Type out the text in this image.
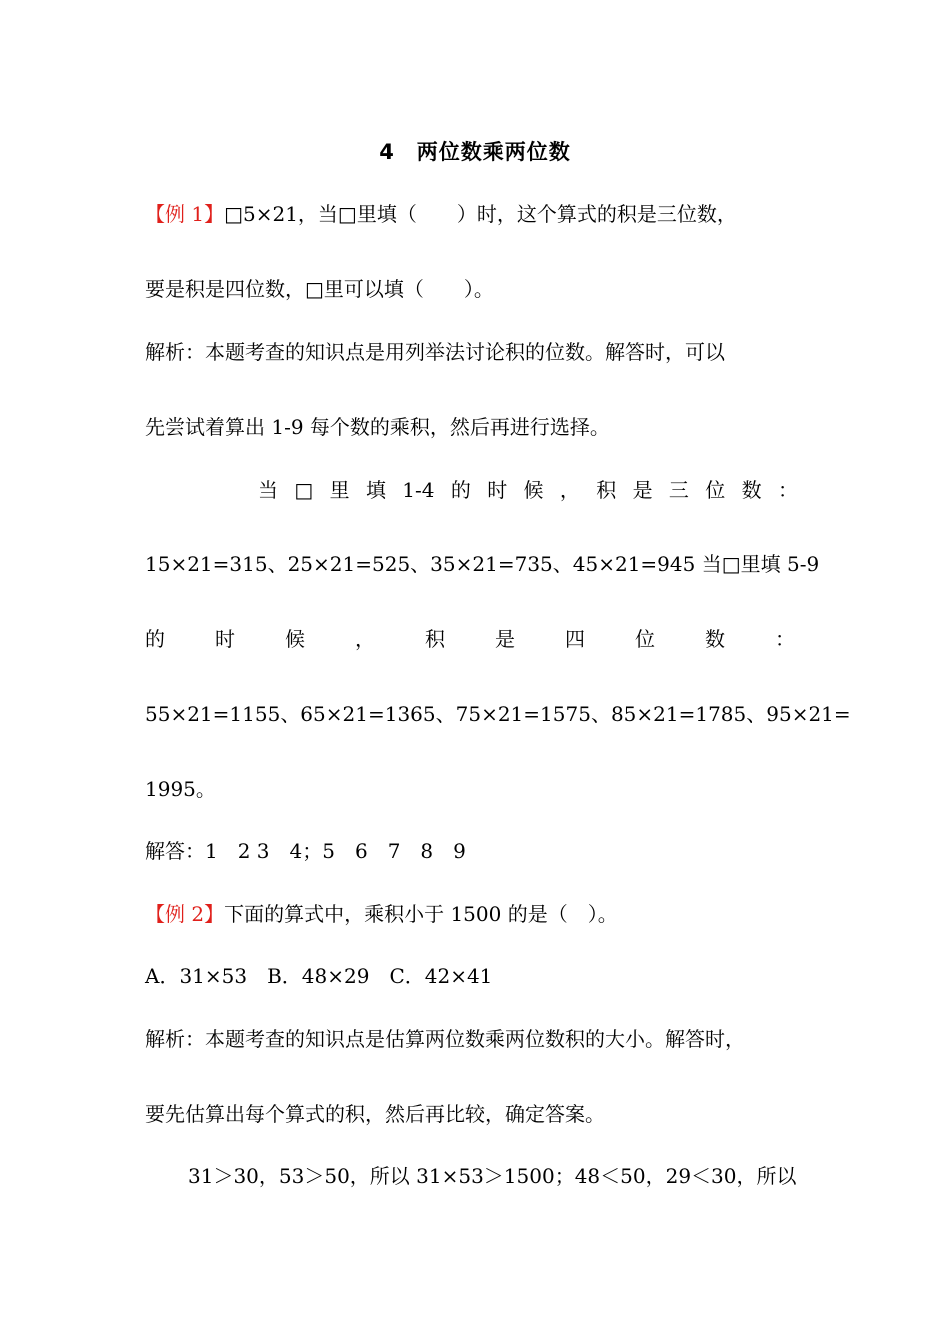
4　两位数乘两位数
【例 1】□5×21，当□里填（　　）时，这个算式的积是三位数，
要是积是四位数，□里可以填（　　）。
解析：本题考查的知识点是用列举法讨论积的位数。解答时，可以
先尝试着算出 1-9 每个数的乘积，然后再进行选择。
当 □ 里 填 1-4 的 时 候 ， 积 是 三 位 数 ：
15×21=315、25×21=525、35×21=735、45×21=945 当□里填 5-9
的	时	候	，	积	是	四	位	数	：
55×21=1155、65×21=1365、75×21=1575、85×21=1785、95×21=
1995。
解答：1　2 3　4；5　6　7　8　9
【例 2】下面的算式中，乘积小于 1500 的是（　）。
A．31×53　B．48×29　C．42×41
解析：本题考查的知识点是估算两位数乘两位数积的大小。解答时，
要先估算出每个算式的积，然后再比较，确定答案。
31＞30，53＞50，所以 31×53＞1500；48＜50，29＜30，所以
